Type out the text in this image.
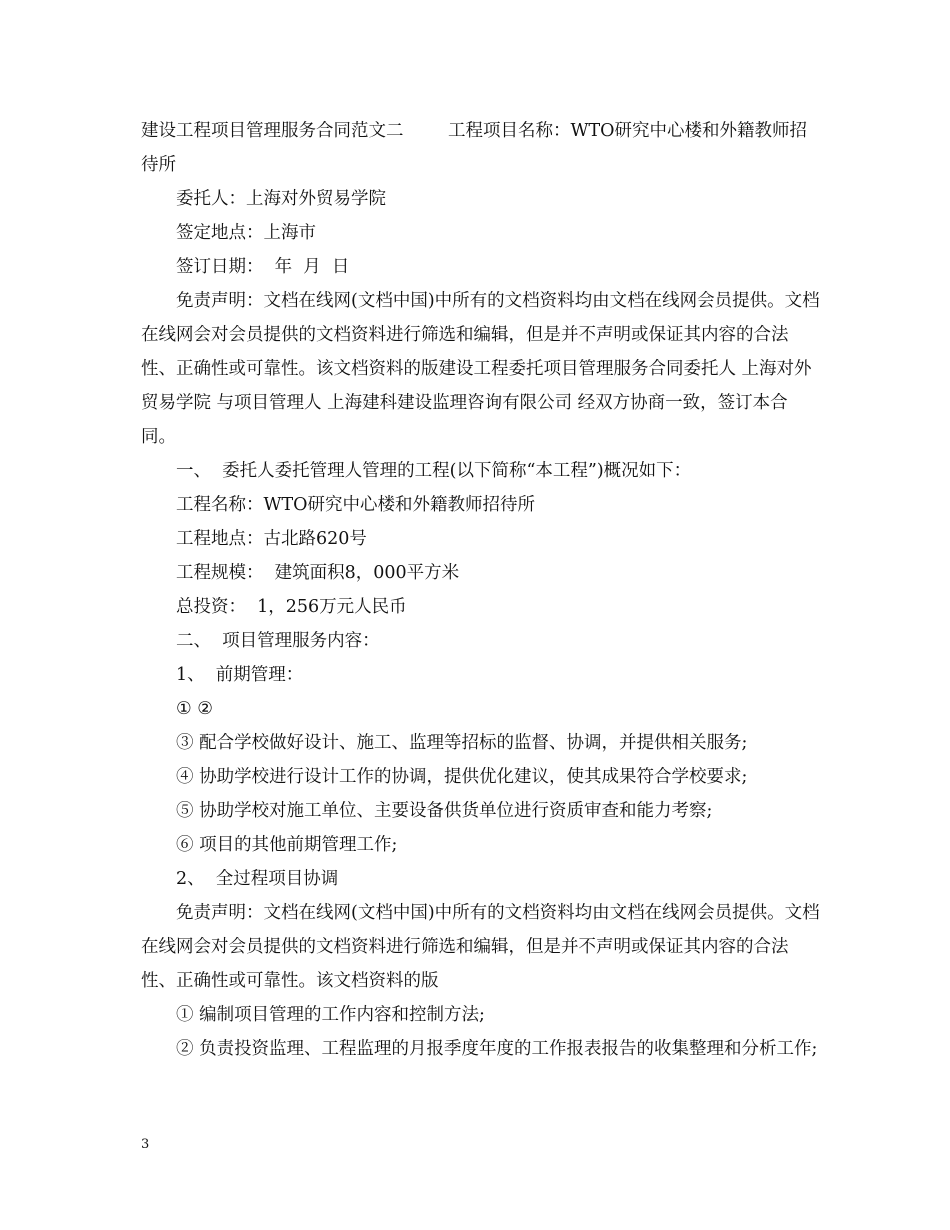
建设工程项目管理服务合同范文二        工程项目名称：WTO研究中心楼和外籍教师招待所

委托人：上海对外贸易学院

签定地点：上海市

签订日期：  年  月  日

免责声明：文档在线网(文档中国)中所有的文档资料均由文档在线网会员提供。文档在线网会对会员提供的文档资料进行筛选和编辑，但是并不声明或保证其内容的合法性、正确性或可靠性。该文档资料的版建设工程委托项目管理服务合同委托人 上海对外贸易学院 与项目管理人 上海建科建设监理咨询有限公司 经双方协商一致，签订本合同。

一、  委托人委托管理人管理的工程(以下简称“本工程”)概况如下：

工程名称：WTO研究中心楼和外籍教师招待所

工程地点：古北路620号

工程规模：  建筑面积8，000平方米

总投资：  1，256万元人民币

二、  项目管理服务内容：

1、  前期管理：

① ②

③ 配合学校做好设计、施工、监理等招标的监督、协调，并提供相关服务;

④ 协助学校进行设计工作的协调，提供优化建议，使其成果符合学校要求;

⑤ 协助学校对施工单位、主要设备供货单位进行资质审查和能力考察;

⑥ 项目的其他前期管理工作;

2、  全过程项目协调

免责声明：文档在线网(文档中国)中所有的文档资料均由文档在线网会员提供。文档在线网会对会员提供的文档资料进行筛选和编辑，但是并不声明或保证其内容的合法性、正确性或可靠性。该文档资料的版

① 编制项目管理的工作内容和控制方法;

② 负责投资监理、工程监理的月报季度年度的工作报表报告的收集整理和分析工作;

3
